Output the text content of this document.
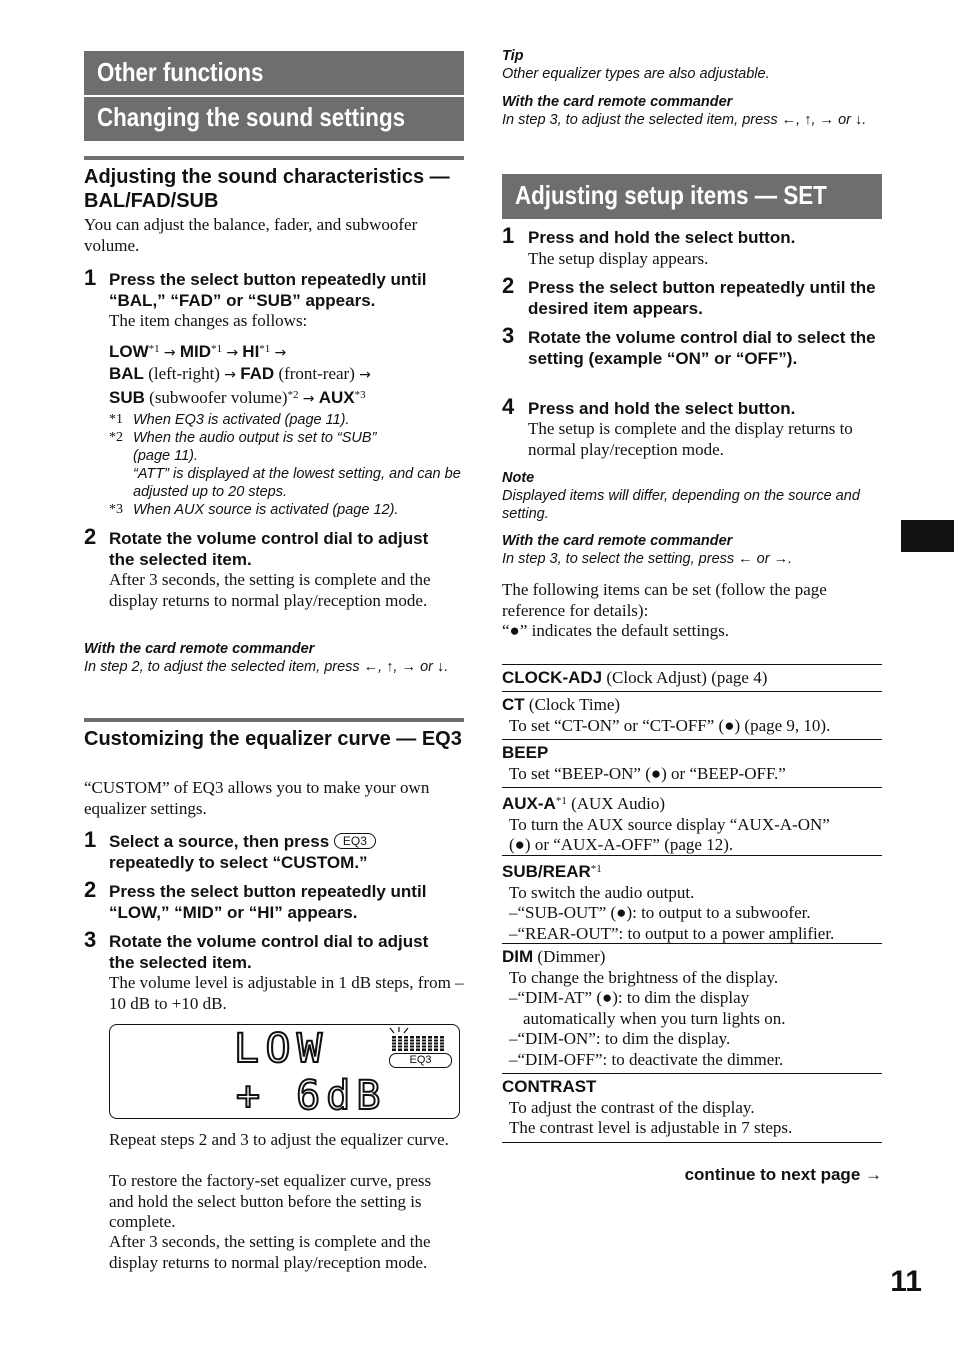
Other functions
Changing the sound settings
Adjusting the sound characteristics — BAL/FAD/SUB
You can adjust the balance, fader, and subwoofer volume.
1 Press the select button repeatedly until “BAL,” “FAD” or “SUB” appears.
The item changes as follows:
$LOW^{*1} \to MID^{*1} \to HI^{*1}$ →
BAL (left-right) → FAD (front-rear) →
SUB (subwoofer volume)$^{*2}$ → $AUX^{*3}$
*1 When EQ3 is activated (page 11).
*2 When the audio output is set to “SUB” (page 11).
“ATT” is displayed at the lowest setting, and can be adjusted up to 20 steps.
*3 When AUX source is activated (page 12).
2 Rotate the volume control dial to adjust the selected item.
After 3 seconds, the setting is complete and the display returns to normal play/reception mode.
With the card remote commander
In step 2, to adjust the selected item, press ←, ↑, → or ↓.
Customizing the equalizer curve — EQ3
“CUSTOM” of EQ3 allows you to make your own equalizer settings.
1 Select a source, then press EQ3
repeatedly to select “CUSTOM.”
2 Press the select button repeatedly until “LOW,” “MID” or “HI” appears.
3 Rotate the volume control dial to adjust the selected item.
The volume level is adjustable in 1 dB steps, from –10 dB to +10 dB.
LOW
+ 6dB
EQ3
Repeat steps 2 and 3 to adjust the equalizer curve.
To restore the factory-set equalizer curve, press and hold the select button before the setting is complete.
After 3 seconds, the setting is complete and the display returns to normal play/reception mode.
Tip
Other equalizer types are also adjustable.
With the card remote commander
In step 3, to adjust the selected item, press ←, ↑, → or ↓.
Adjusting setup items — SET
1 Press and hold the select button.
The setup display appears.
2 Press the select button repeatedly until the desired item appears.
3 Rotate the volume control dial to select the setting (example “ON” or “OFF”).
4 Press and hold the select button.
The setup is complete and the display returns to normal play/reception mode.
Note
Displayed items will differ, depending on the source and setting.
With the card remote commander
In step 3, to select the setting, press ← or →.
The following items can be set (follow the page reference for details):
“●” indicates the default settings.
CLOCK-ADJ (Clock Adjust) (page 4)
CT (Clock Time)
To set “CT-ON” or “CT-OFF” (●) (page 9, 10).
BEEP
To set “BEEP-ON” (●) or “BEEP-OFF.”
AUX-$A^{*1}$ (AUX Audio)
To turn the AUX source display “AUX-A-ON”
(●) or “AUX-A-OFF” (page 12).
SUB/REAR$^{*1}$
To switch the audio output.
–“SUB-OUT” (●): to output to a subwoofer.
–“REAR-OUT”: to output to a power amplifier.
DIM (Dimmer)
To change the brightness of the display.
–“DIM-AT” (●): to dim the display
automatically when you turn lights on.
–“DIM-ON”: to dim the display.
–“DIM-OFF”: to deactivate the dimmer.
CONTRAST
To adjust the contrast of the display.
The contrast level is adjustable in 7 steps.
continue to next page →
11
